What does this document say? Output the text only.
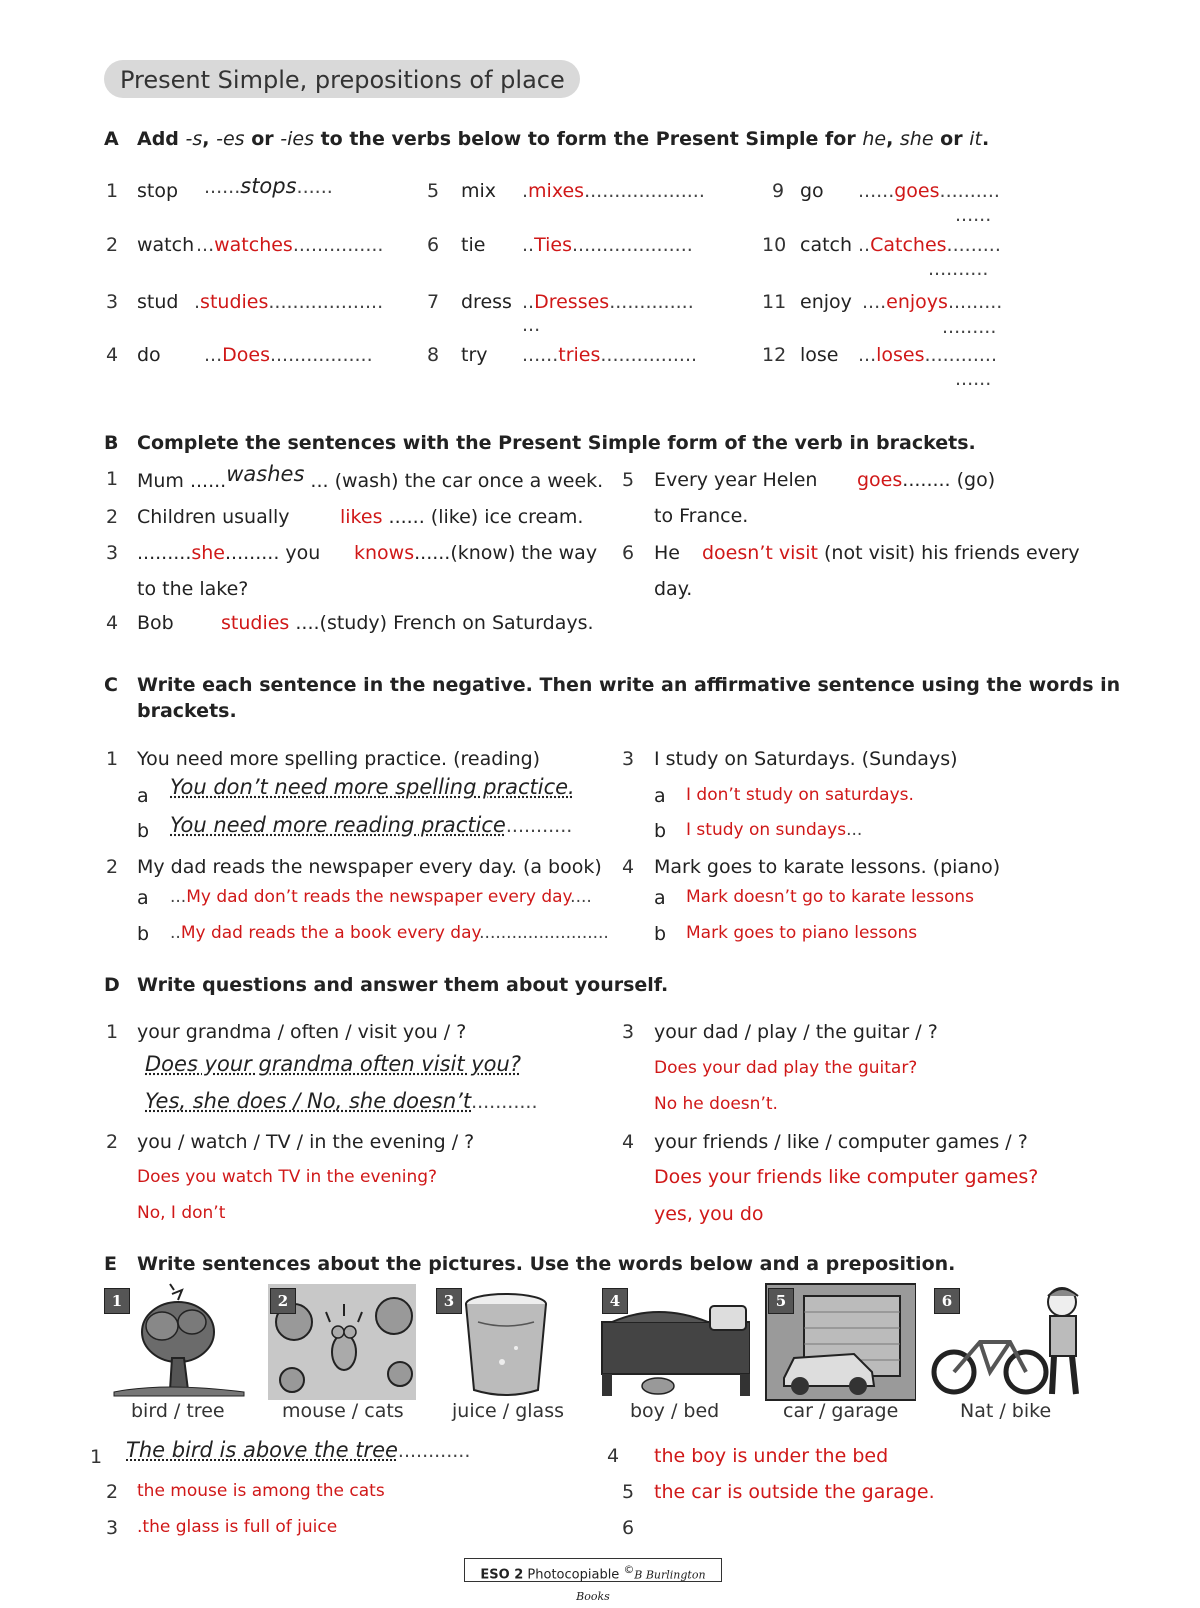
Present Simple, prepositions of place
A Add -s, -es or -ies to the verbs below to form the Present Simple for he, she or it.
1 stop ......stops......
2 watch ...watches...............
3 stud .studies...................
4 do ...Does.................
5 mix .mixes....................
6 tie ..Ties....................
7 dress ..Dresses..............
...
8 try ......tries................
9 go ......goes..........
......
10 catch ..Catches.........
..........
11 enjoy ....enjoys.........
.........
12 lose ...loses............
......
B Complete the sentences with the Present Simple form of the verb in brackets.
1 Mum ......washes ... (wash) the car once a week.
2 Children usually	likes ...... (like) ice cream.
3 .........she......... you knows......(know) the way
to the lake?
4 Bob studies ....(study) French on Saturdays.
5 Every year Helen goes........ (go)
to France.
6 He doesn’t visit (not visit) his friends every
day.
C Write each sentence in the negative. Then write an affirmative sentence using the words in
brackets.
1 You need more spelling practice. (reading)
a You don’t need more spelling practice.
b You need more reading practice...........
2 My dad reads the newspaper every day. (a book)
a ...My dad don’t reads the newspaper every day....
b ..My dad reads the a book every day........................
3 I study on Saturdays. (Sundays)
a I don’t study on saturdays.
b I study on sundays...
4 Mark goes to karate lessons. (piano)
a Mark doesn’t go to karate lessons
b Mark goes to piano lessons
D Write questions and answer them about yourself.
1 your grandma / often / visit you / ?
Does your grandma often visit you?
Yes, she does / No, she doesn’t...........
2 you / watch / TV / in the evening / ?
Does you watch TV in the evening?
No, I don’t
3 your dad / play / the guitar / ?
Does your dad play the guitar?
No he doesn’t.
4 your friends / like / computer games / ?
Does your friends like computer games?
yes, you do
E Write sentences about the pictures. Use the words below and a preposition.
1
bird / tree
2
mouse / cats
3
juice / glass
4
boy / bed
5
car / garage
6
Nat / bike
1 The bird is above the tree............
2 the mouse is among the cats
3 .the glass is full of juice
4 the boy is under the bed
5 the car is outside the garage.
6
ESO 2 Photocopiable ©B Burlington Books
